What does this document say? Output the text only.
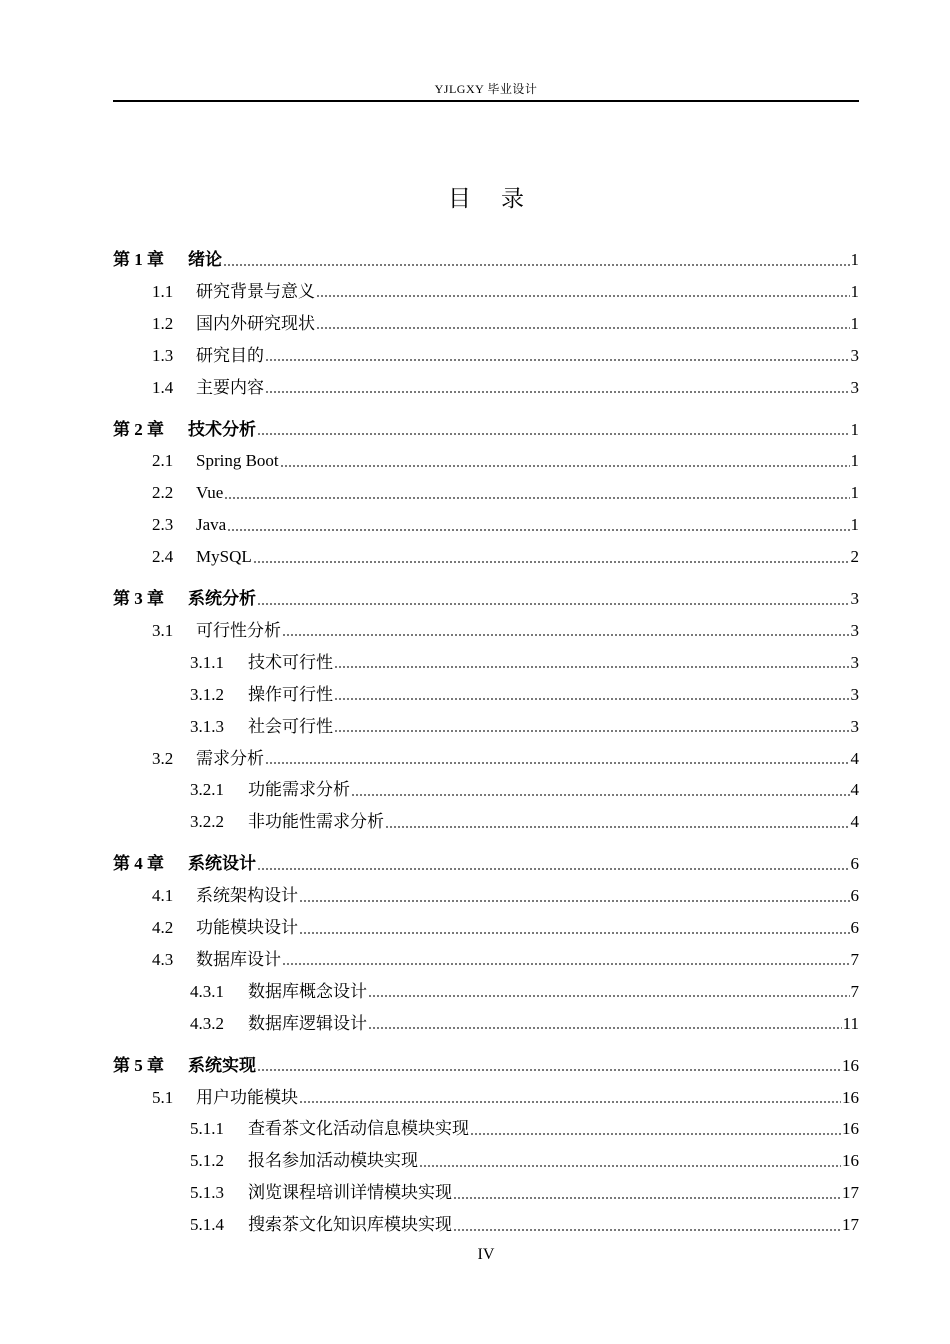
YJLGXY 毕业设计
目录
第 1 章	绪论	1
1.1	研究背景与意义	1
1.2	国内外研究现状	1
1.3	研究目的	3
1.4	主要内容	3
第 2 章	技术分析	1
2.1	Spring Boot	1
2.2	Vue	1
2.3	Java	1
2.4	MySQL	2
第 3 章	系统分析	3
3.1	可行性分析	3
3.1.1	技术可行性	3
3.1.2	操作可行性	3
3.1.3	社会可行性	3
3.2	需求分析	4
3.2.1	功能需求分析	4
3.2.2	非功能性需求分析	4
第 4 章	系统设计	6
4.1	系统架构设计	6
4.2	功能模块设计	6
4.3	数据库设计	7
4.3.1	数据库概念设计	7
4.3.2	数据库逻辑设计	11
第 5 章	系统实现	16
5.1	用户功能模块	16
5.1.1	查看茶文化活动信息模块实现	16
5.1.2	报名参加活动模块实现	16
5.1.3	浏览课程培训详情模块实现	17
5.1.4	搜索茶文化知识库模块实现	17
IV
